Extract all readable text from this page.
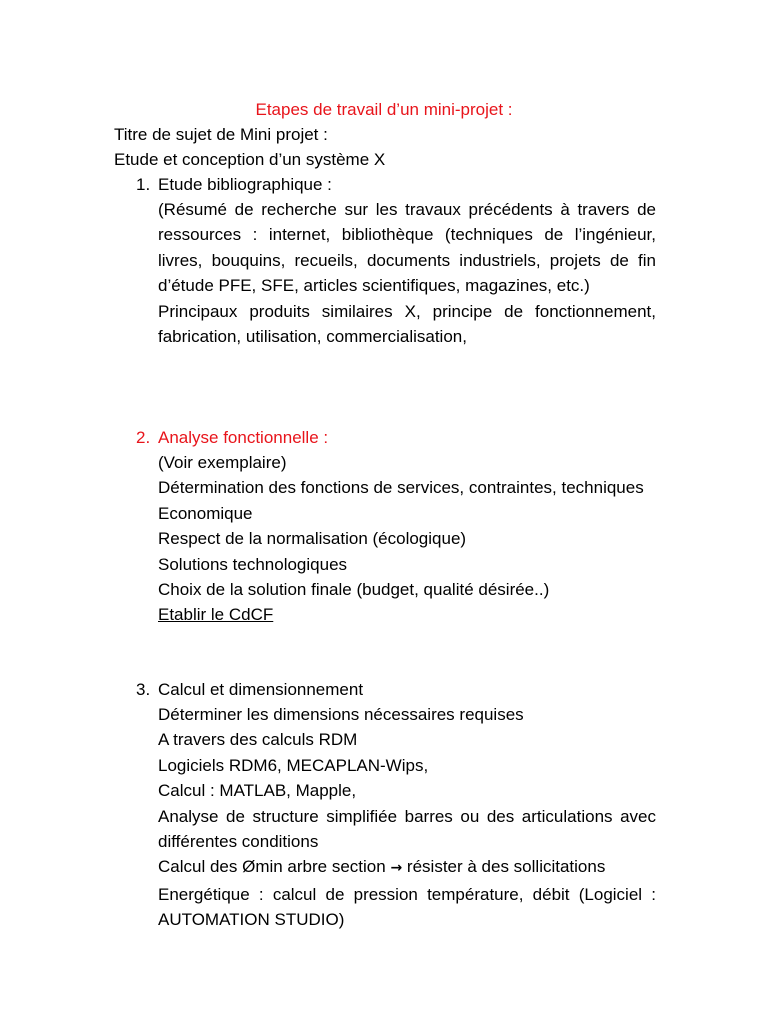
Etapes de travail d’un mini-projet :
Titre de sujet de Mini projet :
Etude et conception d’un système X
1. Etude bibliographique :

(Résumé de recherche sur les travaux précédents à travers de ressources : internet, bibliothèque (techniques de l’ingénieur, livres, bouquins, recueils, documents industriels, projets de fin d’étude PFE, SFE, articles scientifiques, magazines, etc.)

Principaux produits similaires X, principe de fonctionnement, fabrication, utilisation, commercialisation,

2. Analyse fonctionnelle :

(Voir exemplaire)

Détermination des fonctions de services, contraintes, techniques

Economique

Respect de la normalisation (écologique)

Solutions technologiques

Choix de la solution finale (budget, qualité désirée..)

Etablir le CdCF

3. Calcul et dimensionnement

Déterminer les dimensions nécessaires requises

A travers des calculs RDM

Logiciels RDM6, MECAPLAN-Wips,

Calcul : MATLAB, Mapple,

Analyse de structure simplifiée barres ou des articulations avec différentes conditions

Calcul des Ømin arbre section → résister à des sollicitations

Energétique : calcul de pression température, débit (Logiciel : AUTOMATION STUDIO)
